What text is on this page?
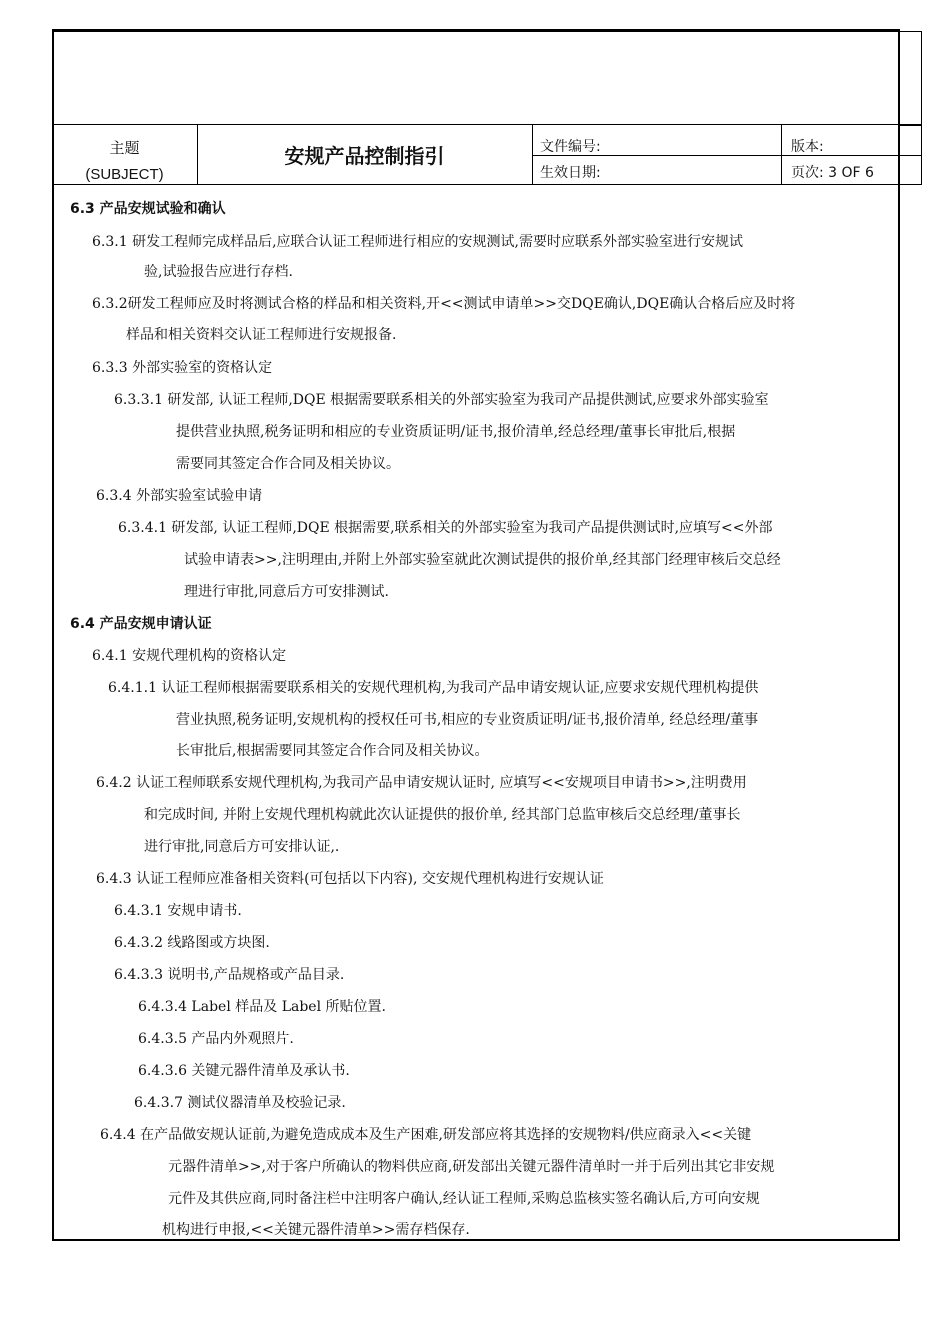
主题
(SUBJECT)
安规产品控制指引	文件编号:	版本:
生效日期:	页次: 3 OF 6
6.3 产品安规试验和确认
6.3.1 研发工程师完成样品后,应联合认证工程师进行相应的安规测试,需要时应联系外部实验室进行安规试
验,试验报告应进行存档.
6.3.2研发工程师应及时将测试合格的样品和相关资料,开<<测试申请单>>交DQE确认,DQE确认合格后应及时将
样品和相关资料交认证工程师进行安规报备.
6.3.3 外部实验室的资格认定
6.3.3.1 研发部, 认证工程师,DQE 根据需要联系相关的外部实验室为我司产品提供测试,应要求外部实验室
提供营业执照,税务证明和相应的专业资质证明/证书,报价清单,经总经理/董事长审批后,根据
需要同其签定合作合同及相关协议。
6.3.4 外部实验室试验申请
6.3.4.1 研发部, 认证工程师,DQE 根据需要,联系相关的外部实验室为我司产品提供测试时,应填写<<外部
试验申请表>>,注明理由,并附上外部实验室就此次测试提供的报价单,经其部门经理审核后交总经
理进行审批,同意后方可安排测试.
6.4 产品安规申请认证
6.4.1 安规代理机构的资格认定
6.4.1.1 认证工程师根据需要联系相关的安规代理机构,为我司产品申请安规认证,应要求安规代理机构提供
营业执照,税务证明,安规机构的授权任可书,相应的专业资质证明/证书,报价清单, 经总经理/董事
长审批后,根据需要同其签定合作合同及相关协议。
6.4.2 认证工程师联系安规代理机构,为我司产品申请安规认证时, 应填写<<安规项目申请书>>,注明费用
和完成时间, 并附上安规代理机构就此次认证提供的报价单, 经其部门总监审核后交总经理/董事长
进行审批,同意后方可安排认证,.
6.4.3 认证工程师应准备相关资料(可包括以下内容), 交安规代理机构进行安规认证
6.4.3.1 安规申请书.
6.4.3.2 线路图或方块图.
6.4.3.3 说明书,产品规格或产品目录.
6.4.3.4 Label 样品及 Label 所贴位置.
6.4.3.5 产品内外观照片.
6.4.3.6 关键元器件清单及承认书.
6.4.3.7 测试仪器清单及校验记录.
6.4.4 在产品做安规认证前,为避免造成成本及生产困难,研发部应将其选择的安规物料/供应商录入<<关键
元器件清单>>,对于客户所确认的物料供应商,研发部出关键元器件清单时一并于后列出其它非安规
元件及其供应商,同时备注栏中注明客户确认,经认证工程师,采购总监核实签名确认后,方可向安规
机构进行申报,<<关键元器件清单>>需存档保存.
